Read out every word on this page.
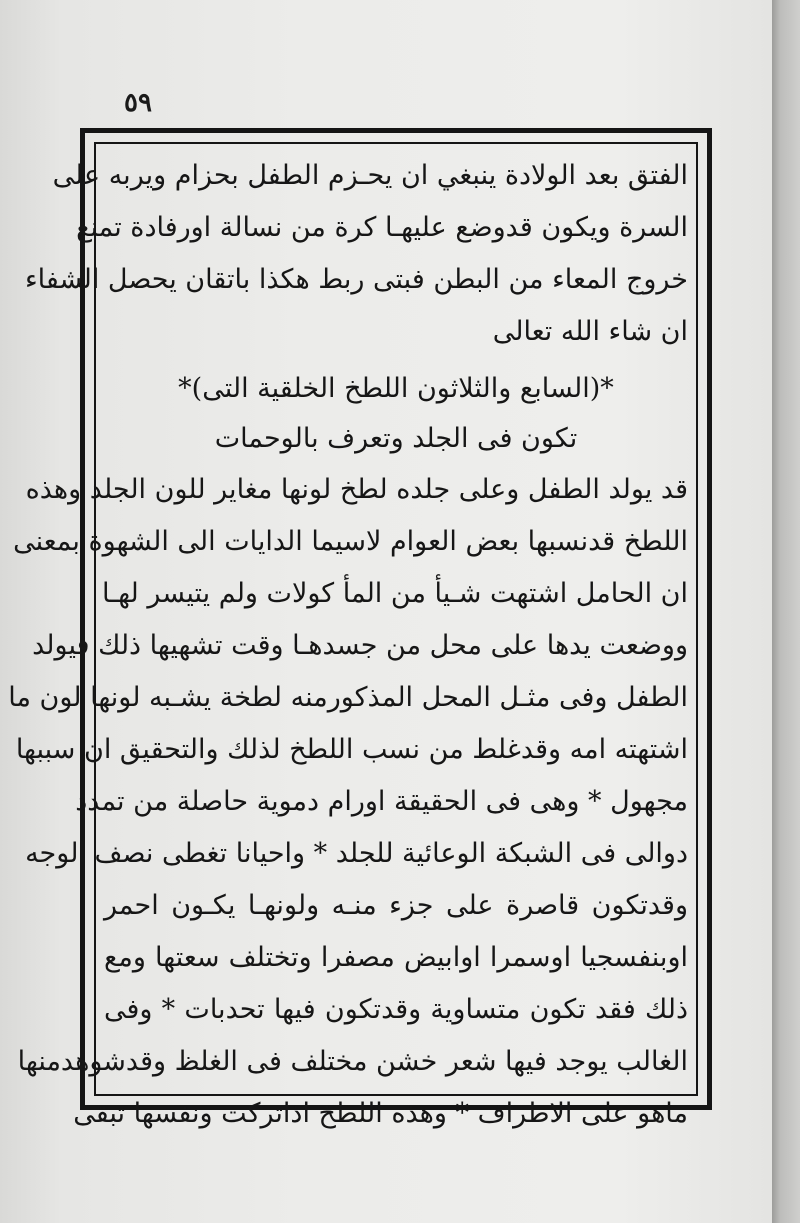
٥٩
الفتق بعد الولادة ينبغي ان يحـزم الطفل بحزام ويربه على
السرة ويكون قدوضع عليهـا كرة من نسالة اورفادة تمنع
خروج المعاء من البطن فبتى ربط هكذا باتقان يحصل الشفاء
ان شاء الله تعالى
*(السابع والثلاثون اللطخ الخلقية التى)*
تكون فى الجلد وتعرف بالوحمات
قد يولد الطفل وعلى جلده لطخ لونها مغاير للون الجلد وهذه
اللطخ قدنسبها بعض العوام لاسيما الدايات الى الشهوة بمعنى
ان الحامل اشتهت شـيأ من المأ كولات ولم يتيسر لهـا
ووضعت يدها على محل من جسدهـا وقت تشهيها ذلك فيولد
الطفل وفى مثـل المحل المذكورمنه لطخة يشـبه لونها لون ما
اشتهته امه وقدغلط من نسب اللطخ لذلك والتحقيق ان سببها
مجهول * وهى فى الحقيقة اورام دموية حاصلة من تمدد
دوالى فى الشبكة الوعائية للجلد * واحيانا تغطى نصف الوجه
وقدتكون قاصرة على جزء منـه ولونهـا يكـون احمر
اوبنفسجيا اوسمرا اوابيض مصفرا وتختلف سعتها ومع
ذلك فقد تكون متساوية وقدتكون فيها تحدبات * وفى
الغالب يوجد فيها شعر خشن مختلف فى الغلظ وقدشوهدمنها
ماهو على الاطراف * وهذه اللطخ اذاتركت ونفسها تبقى
